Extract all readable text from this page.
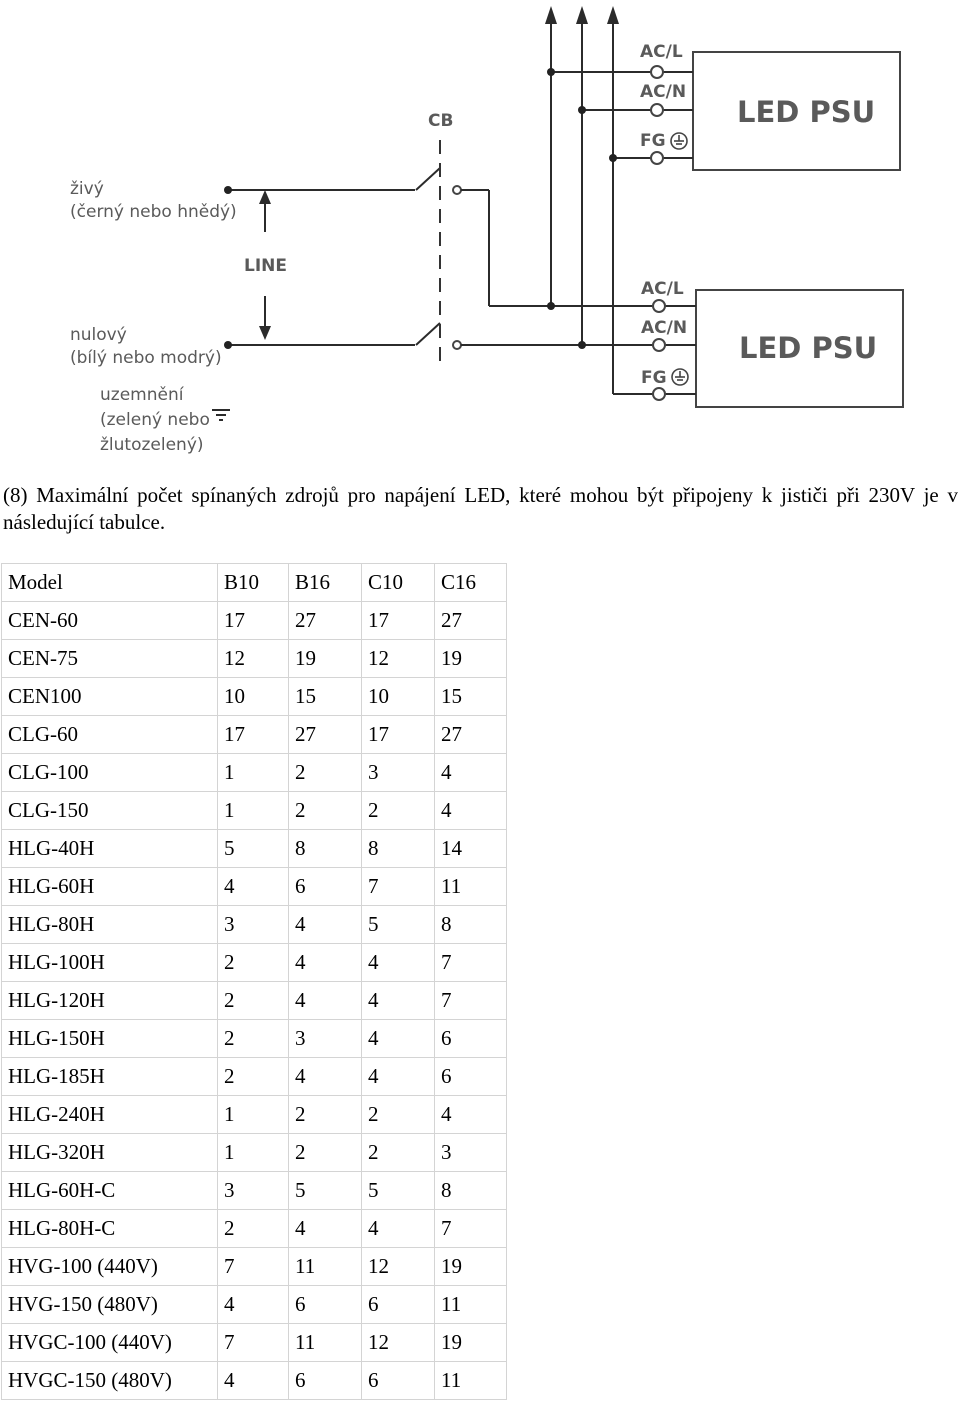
CB
živý
(černý nebo hnědý)
LINE
nulový
(bílý nebo modrý)
uzemnění
(zelený nebo
žlutozelený)
LED PSU
AC/L
AC/N
FG
LED PSU
AC/L
AC/N
FG

(8) Maximální počet spínaných zdrojů pro napájení LED, které mohou být připojeny k jističi při 230V je v následující tabulce.

Model	B10	B16	C10	C16
CEN-60	17	27	17	27
CEN-75	12	19	12	19
CEN100	10	15	10	15
CLG-60	17	27	17	27
CLG-100	1	2	3	4
CLG-150	1	2	2	4
HLG-40H	5	8	8	14
HLG-60H	4	6	7	11
HLG-80H	3	4	5	8
HLG-100H	2	4	4	7
HLG-120H	2	4	4	7
HLG-150H	2	3	4	6
HLG-185H	2	4	4	6
HLG-240H	1	2	2	4
HLG-320H	1	2	2	3
HLG-60H-C	3	5	5	8
HLG-80H-C	2	4	4	7
HVG-100 (440V)	7	11	12	19
HVG-150 (480V)	4	6	6	11
HVGC-100 (440V)	7	11	12	19
HVGC-150 (480V)	4	6	6	11
